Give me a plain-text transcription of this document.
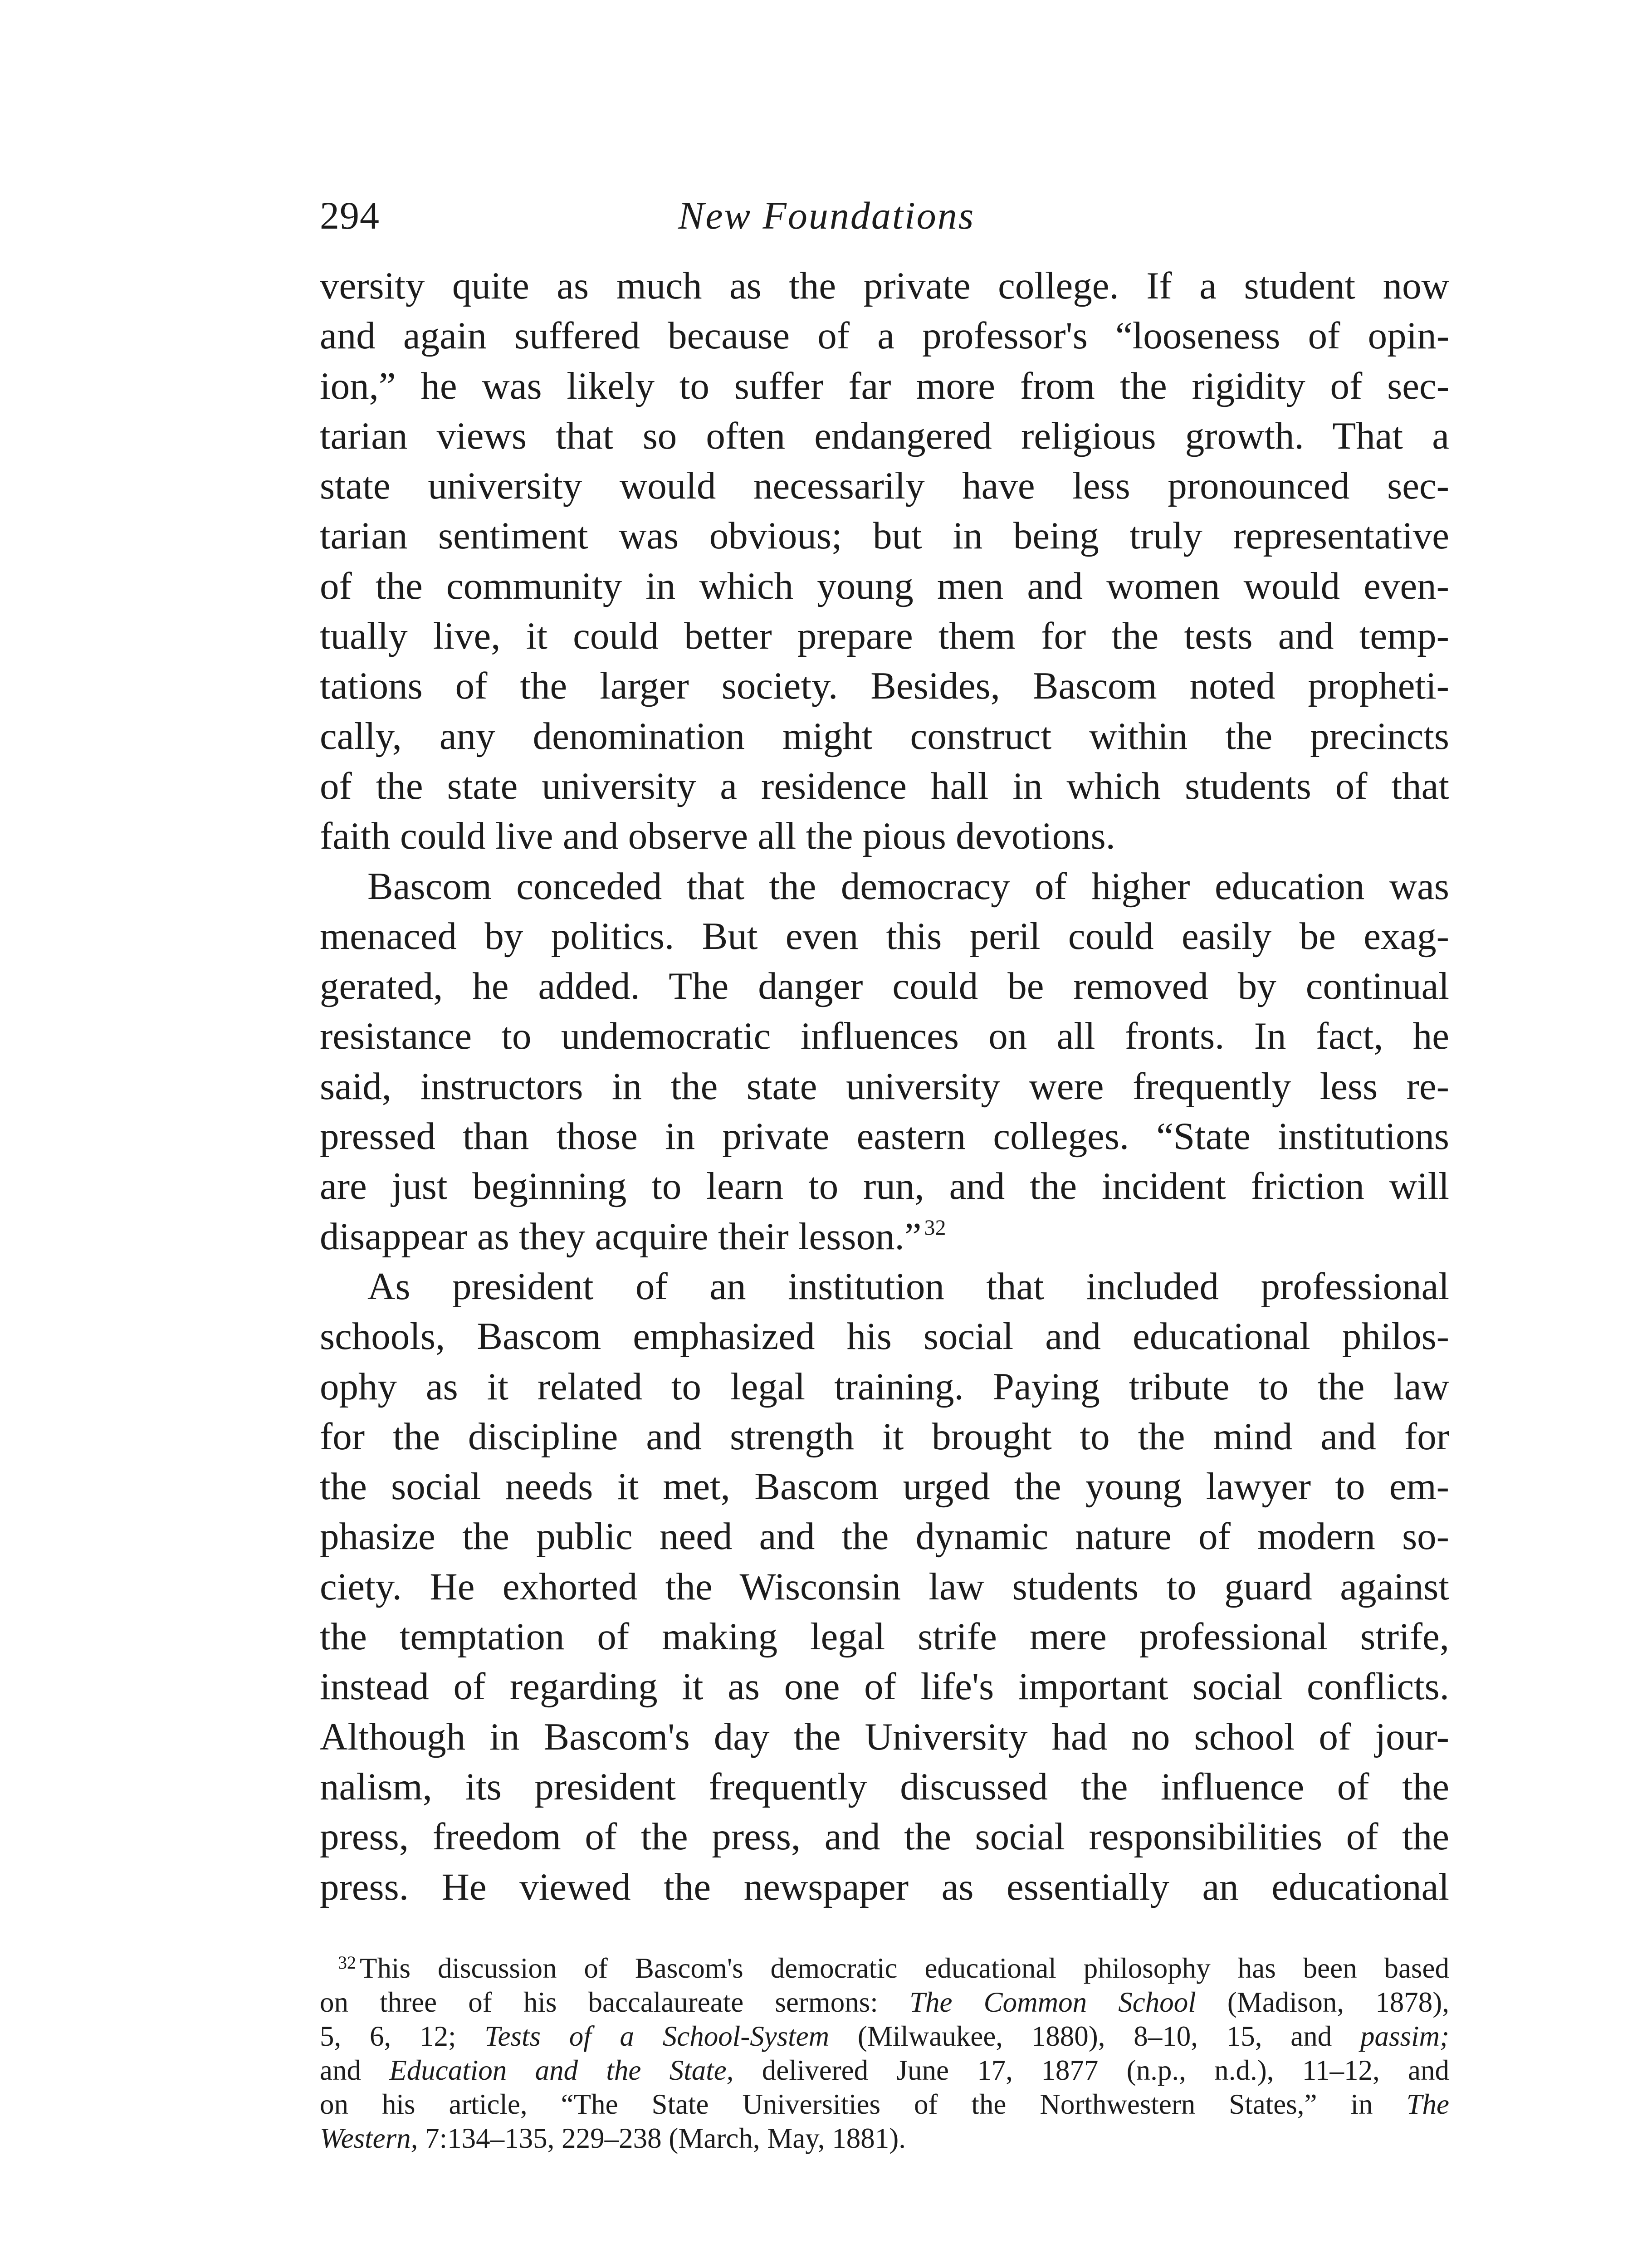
294	New Foundations
versity quite as much as the private college. If a student now
and again suffered because of a professor's “looseness of opin-
ion,” he was likely to suffer far more from the rigidity of sec-
tarian views that so often endangered religious growth. That a
state university would necessarily have less pronounced sec-
tarian sentiment was obvious; but in being truly representative
of the community in which young men and women would even-
tually live, it could better prepare them for the tests and temp-
tations of the larger society. Besides, Bascom noted propheti-
cally, any denomination might construct within the precincts
of the state university a residence hall in which students of that
faith could live and observe all the pious devotions.
Bascom conceded that the democracy of higher education was
menaced by politics. But even this peril could easily be exag-
gerated, he added. The danger could be removed by continual
resistance to undemocratic influences on all fronts. In fact, he
said, instructors in the state university were frequently less re-
pressed than those in private eastern colleges. “State institutions
are just beginning to learn to run, and the incident friction will
disappear as they acquire their lesson.” $^{32}$
As president of an institution that included professional
schools, Bascom emphasized his social and educational philos-
ophy as it related to legal training. Paying tribute to the law
for the discipline and strength it brought to the mind and for
the social needs it met, Bascom urged the young lawyer to em-
phasize the public need and the dynamic nature of modern so-
ciety. He exhorted the Wisconsin law students to guard against
the temptation of making legal strife mere professional strife,
instead of regarding it as one of life's important social conflicts.
Although in Bascom's day the University had no school of jour-
nalism, its president frequently discussed the influence of the
press, freedom of the press, and the social responsibilities of the
press. He viewed the newspaper as essentially an educational
$^{32}$ This discussion of Bascom's democratic educational philosophy has been based
on three of his baccalaureate sermons: The Common School (Madison, 1878),
5, 6, 12; Tests of a School-System (Milwaukee, 1880), 8–10, 15, and passim;
and Education and the State, delivered June 17, 1877 (n.p., n.d.), 11–12, and
on his article, “The State Universities of the Northwestern States,” in The
Western, 7:134–135, 229–238 (March, May, 1881).
